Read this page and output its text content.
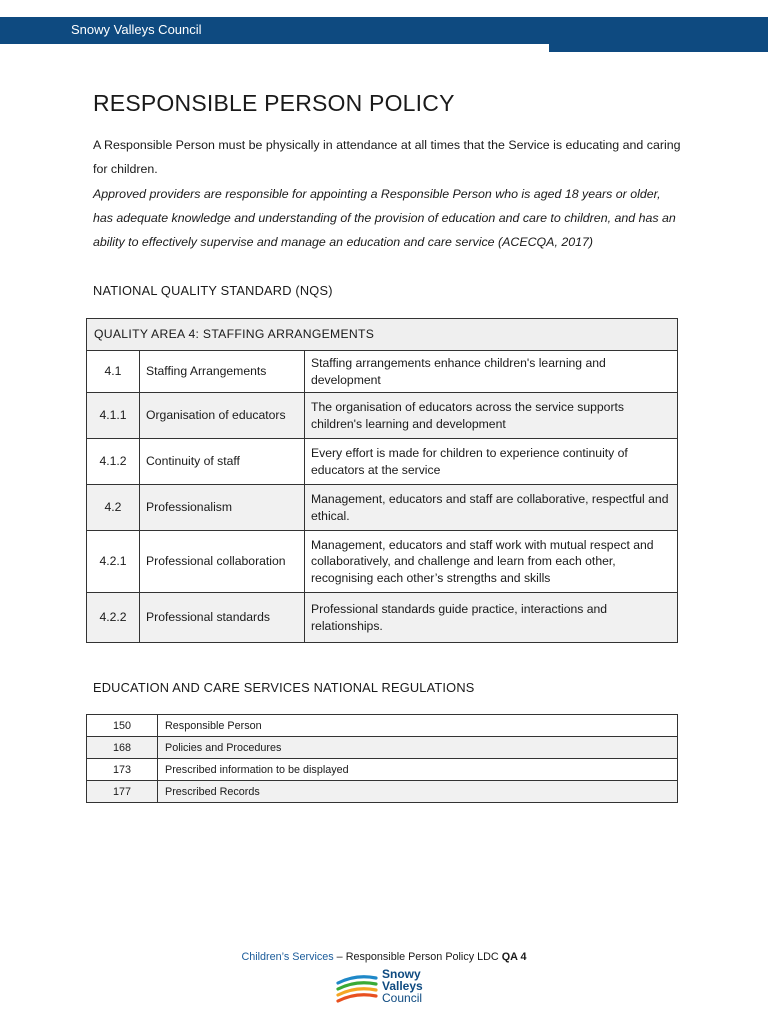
Snowy Valleys Council
RESPONSIBLE PERSON POLICY

A Responsible Person must be physically in attendance at all times that the Service is educating and caring for children.

Approved providers are responsible for appointing a Responsible Person who is aged 18 years or older, has adequate knowledge and understanding of the provision of education and care to children, and has an ability to effectively supervise and manage an education and care service (ACECQA, 2017)

NATIONAL QUALITY STANDARD (NQS)
QUALITY AREA 4: STAFFING ARRANGEMENTS		
4.1	Staffing Arrangements	Staffing arrangements enhance children's learning and development
4.1.1	Organisation of educators	The organisation of educators across the service supports children's learning and development
4.1.2	Continuity of staff	Every effort is made for children to experience continuity of educators at the service
4.2	Professionalism	Management, educators and staff are collaborative, respectful and ethical.
4.2.1	Professional collaboration	Management, educators and staff work with mutual respect and collaboratively, and challenge and learn from each other, recognising each other’s strengths and skills
4.2.2	Professional standards	Professional standards guide practice, interactions and relationships.
EDUCATION AND CARE SERVICES NATIONAL REGULATIONS
150	Responsible Person
168	Policies and Procedures
173	Prescribed information to be displayed
177	Prescribed Records
Children’s Services – Responsible Person Policy LDC QA 4
Snowy
Valleys
Council
